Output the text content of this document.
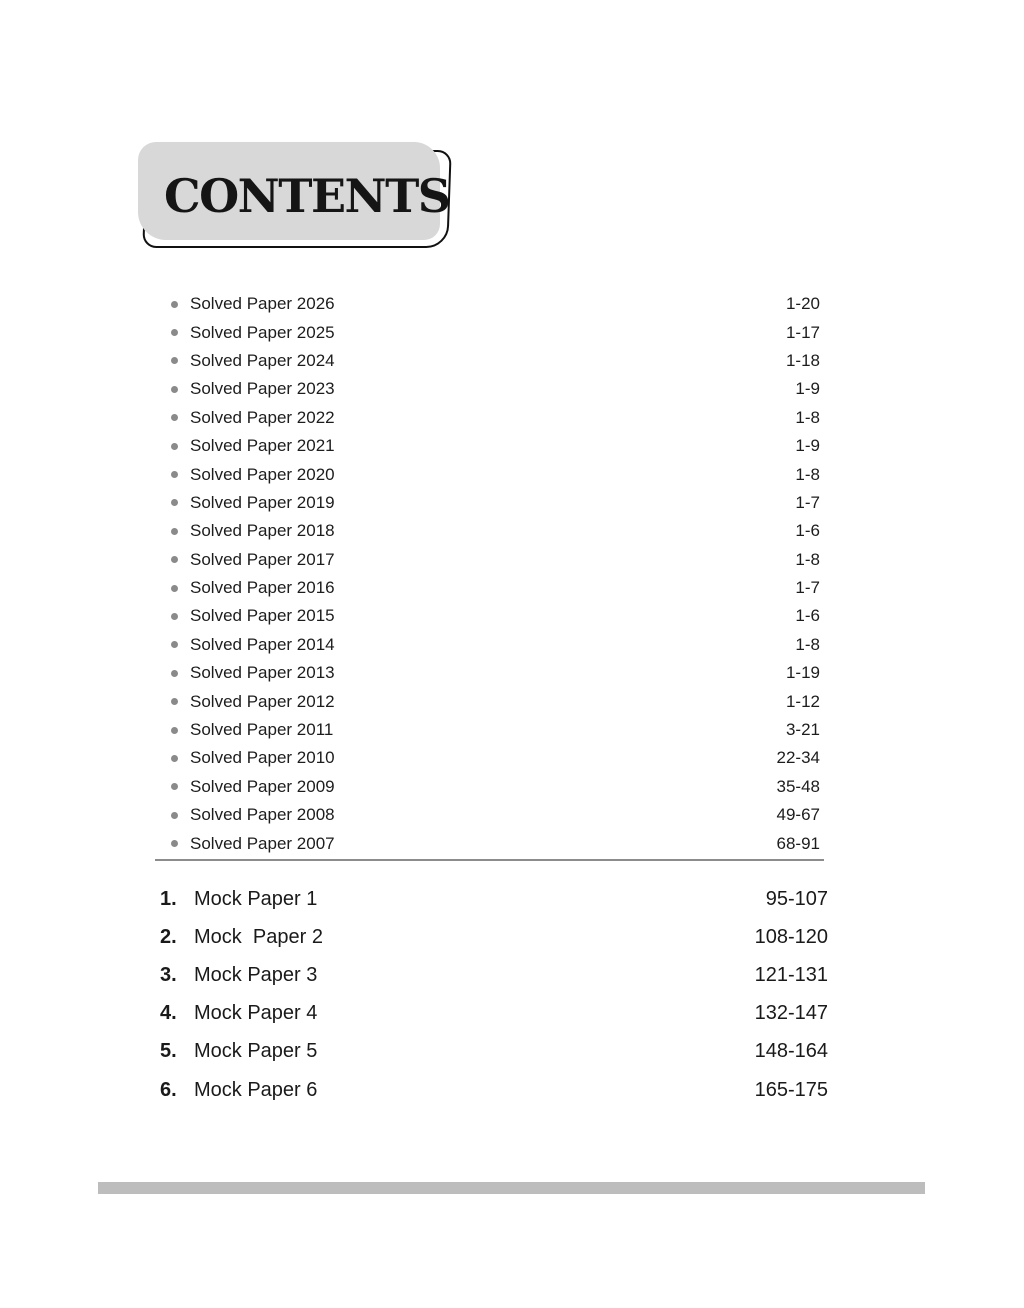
CONTENTS
Solved Paper 2026	1-20
Solved Paper 2025	1-17
Solved Paper 2024	1-18
Solved Paper 2023	1-9
Solved Paper 2022	1-8
Solved Paper 2021	1-9
Solved Paper 2020	1-8
Solved Paper 2019	1-7
Solved Paper 2018	1-6
Solved Paper 2017	1-8
Solved Paper 2016	1-7
Solved Paper 2015	1-6
Solved Paper 2014	1-8
Solved Paper 2013	1-19
Solved Paper 2012	1-12
Solved Paper 2011	3-21
Solved Paper 2010	22-34
Solved Paper 2009	35-48
Solved Paper 2008	49-67
Solved Paper 2007	68-91
1. Mock Paper 1	95-107
2. Mock  Paper 2	108-120
3. Mock Paper 3	121-131
4. Mock Paper 4	132-147
5. Mock Paper 5	148-164
6. Mock Paper 6	165-175
